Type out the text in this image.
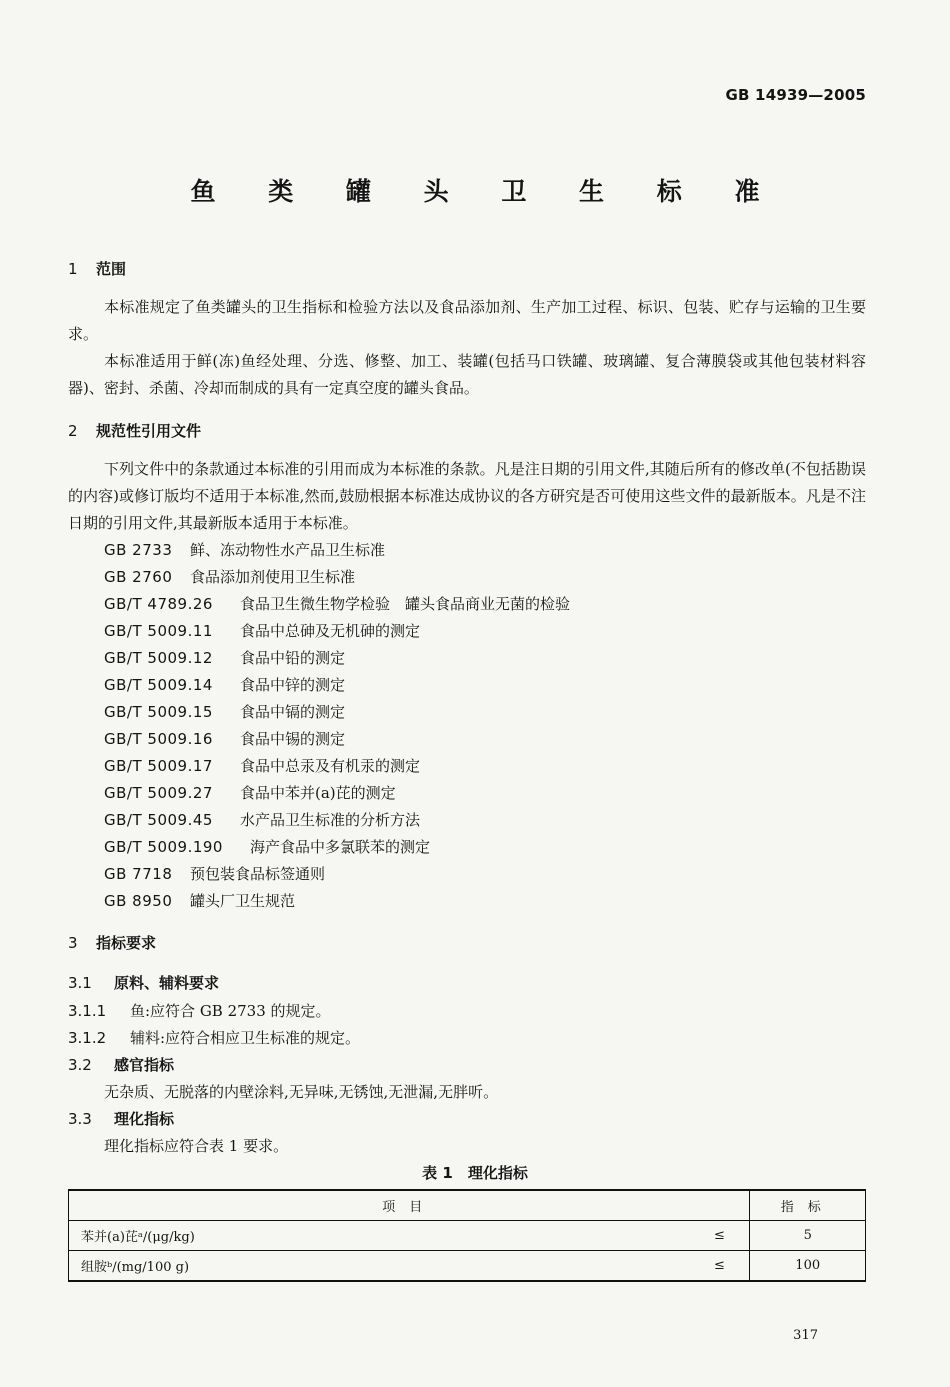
GB 14939—2005
鱼 类 罐 头 卫 生 标 准
1 范围
本标准规定了鱼类罐头的卫生指标和检验方法以及食品添加剂、生产加工过程、标识、包装、贮存与运输的卫生要求。
本标准适用于鲜(冻)鱼经处理、分选、修整、加工、装罐(包括马口铁罐、玻璃罐、复合薄膜袋或其他包装材料容器)、密封、杀菌、冷却而制成的具有一定真空度的罐头食品。
2 规范性引用文件
下列文件中的条款通过本标准的引用而成为本标准的条款。凡是注日期的引用文件,其随后所有的修改单(不包括勘误的内容)或修订版均不适用于本标准,然而,鼓励根据本标准达成协议的各方研究是否可使用这些文件的最新版本。凡是不注日期的引用文件,其最新版本适用于本标准。
GB 2733 鲜、冻动物性水产品卫生标准
GB 2760 食品添加剂使用卫生标准
GB/T 4789.26 食品卫生微生物学检验　罐头食品商业无菌的检验
GB/T 5009.11 食品中总砷及无机砷的测定
GB/T 5009.12 食品中铅的测定
GB/T 5009.14 食品中锌的测定
GB/T 5009.15 食品中镉的测定
GB/T 5009.16 食品中锡的测定
GB/T 5009.17 食品中总汞及有机汞的测定
GB/T 5009.27 食品中苯并(a)芘的测定
GB/T 5009.45 水产品卫生标准的分析方法
GB/T 5009.190 海产食品中多氯联苯的测定
GB 7718 预包装食品标签通则
GB 8950 罐头厂卫生规范
3 指标要求
3.1 原料、辅料要求
3.1.1 鱼:应符合 GB 2733 的规定。
3.1.2 辅料:应符合相应卫生标准的规定。
3.2 感官指标
无杂质、无脱落的内壁涂料,无异味,无锈蚀,无泄漏,无胖听。
3.3 理化指标
理化指标应符合表 1 要求。
表 1　理化指标
项目		指标
苯并(a)芘ᵃ/(μg/kg)	≤	5
组胺ᵇ/(mg/100 g)	≤	100
317
